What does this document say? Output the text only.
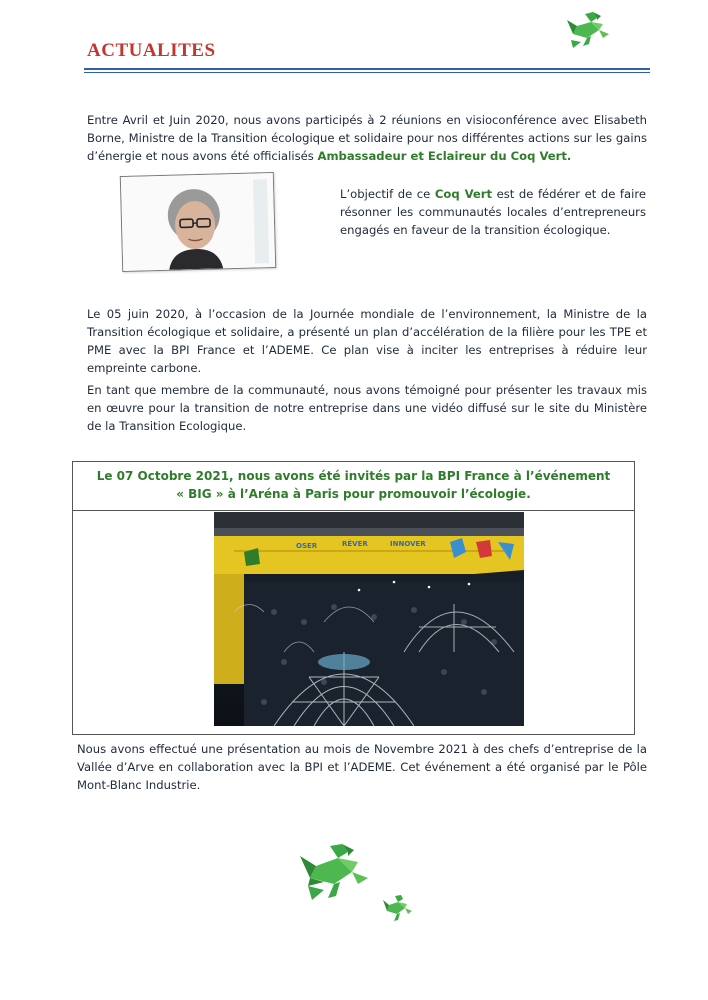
ACTUALITES

Entre Avril et Juin 2020, nous avons participés à 2 réunions en visioconférence avec Elisabeth Borne, Ministre de la Transition écologique et solidaire pour nos différentes actions sur les gains d’énergie et nous avons été officialisés Ambassadeur et Eclaireur du Coq Vert.

L’objectif de ce Coq Vert est de fédérer et de faire résonner les communautés locales d’entrepreneurs engagés en faveur de la transition écologique.

Le 05 juin 2020, à l’occasion de la Journée mondiale de l’environnement, la Ministre de la Transition écologique et solidaire, a présenté un plan d’accélération de la filière pour les TPE et PME avec la BPI France et l’ADEME. Ce plan vise à inciter les entreprises à réduire leur empreinte carbone.

En tant que membre de la communauté, nous avons témoigné pour présenter les travaux mis en œuvre pour la transition de notre entreprise dans une vidéo diffusé sur le site du Ministère de la Transition Ecologique.

Le 07 Octobre 2021, nous avons été invités par la BPI France à l’événement « BIG » à l’Aréna à Paris pour promouvoir l’écologie.
OSER	RÊVER	INNOVER

Nous avons effectué une présentation au mois de Novembre 2021 à des chefs d’entreprise de la Vallée d’Arve en collaboration avec la BPI et l’ADEME. Cet événement a été organisé par le Pôle Mont-Blanc Industrie.
